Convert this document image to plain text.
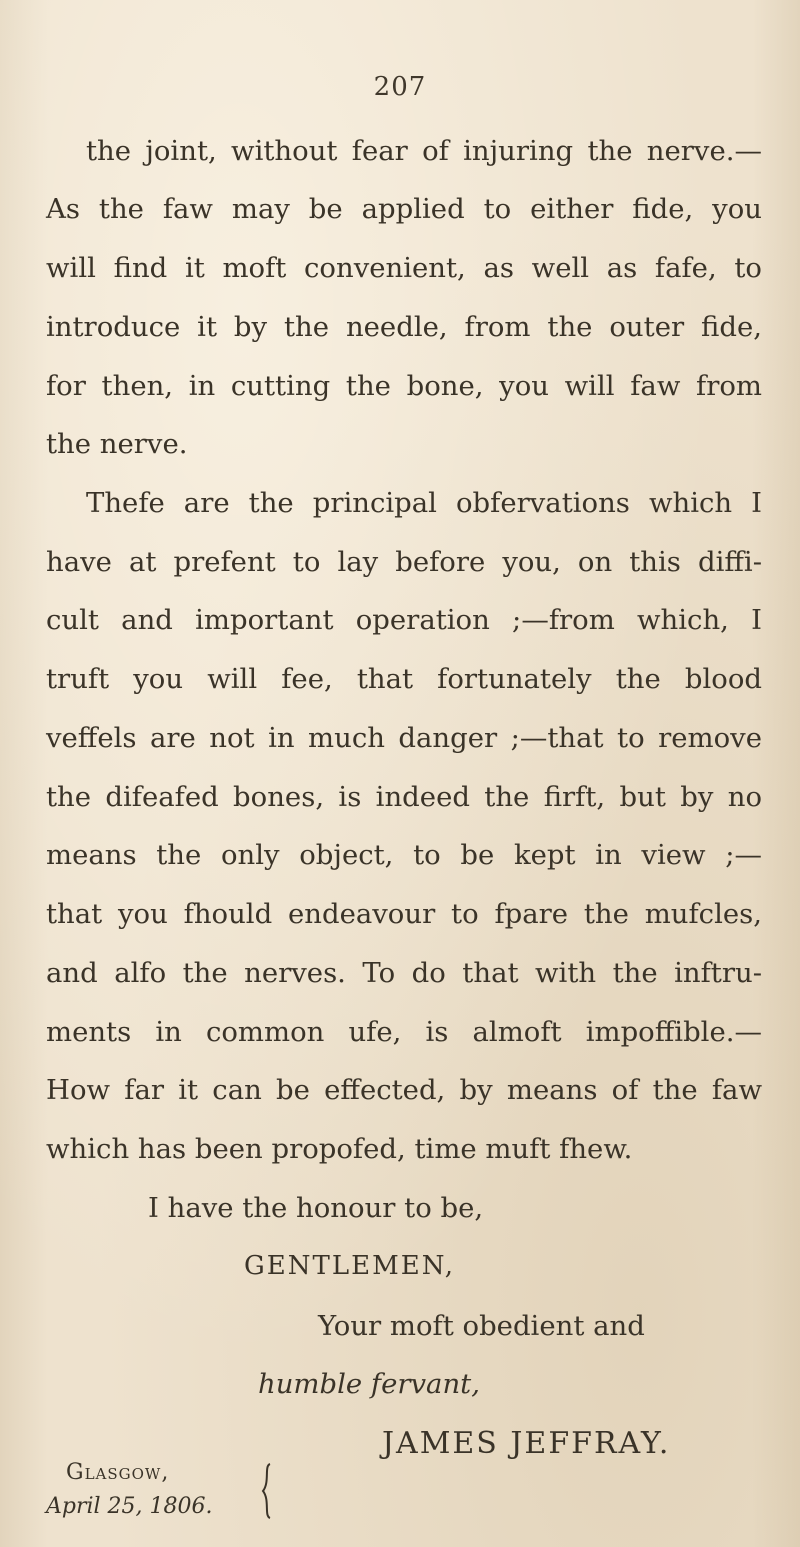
207
the joint, without fear of injuring the nerve.—
As the faw may be applied to either fide, you
will find it moft convenient, as well as fafe, to
introduce it by the needle, from the outer fide,
for then, in cutting the bone, you will faw from
the nerve.
Thefe are the principal obfervations which I
have at prefent to lay before you, on this diffi-
cult and important operation ;—from which, I
truft you will fee, that fortunately the blood
veffels are not in much danger ;—that to remove
the difeafed bones, is indeed the firft, but by no
means the only object, to be kept in view ;—
that you fhould endeavour to fpare the mufcles,
and alfo the nerves. To do that with the inftru-
ments in common ufe, is almoft impoffible.—
How far it can be effected, by means of the faw
which has been propofed, time muft fhew.
I have the honour to be,
GENTLEMEN,
Your moft obedient and
humble fervant,
JAMES JEFFRAY.
Glasgow,
April 25, 1806.
